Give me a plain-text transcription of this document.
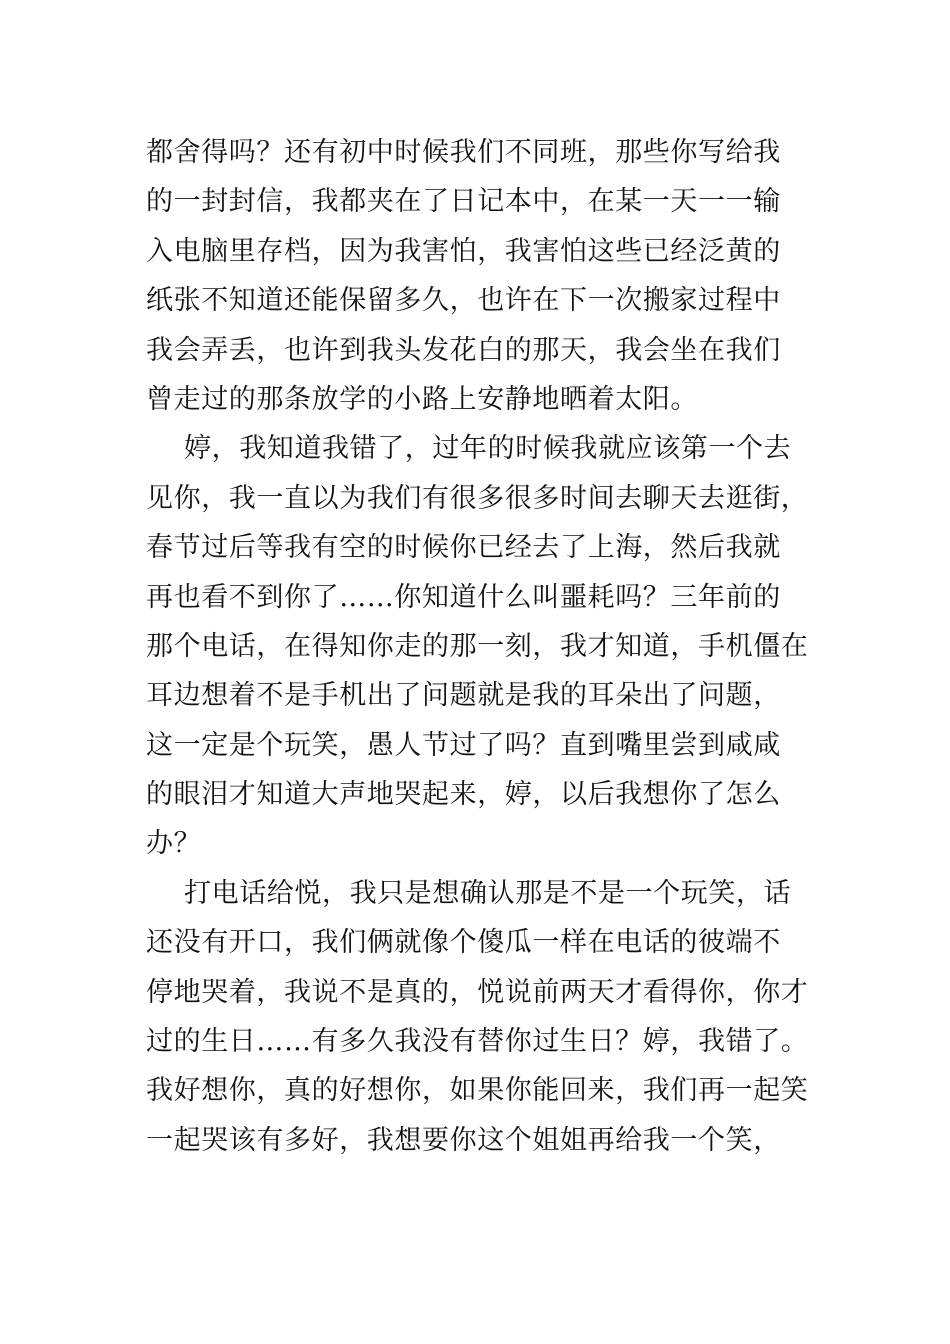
都舍得吗？还有初中时候我们不同班，那些你写给我
的一封封信，我都夹在了日记本中，在某一天一一输
入电脑里存档，因为我害怕，我害怕这些已经泛黄的
纸张不知道还能保留多久，也许在下一次搬家过程中
我会弄丢，也许到我头发花白的那天，我会坐在我们
曾走过的那条放学的小路上安静地晒着太阳。
婷，我知道我错了，过年的时候我就应该第一个去
见你，我一直以为我们有很多很多时间去聊天去逛街，
春节过后等我有空的时候你已经去了上海，然后我就
再也看不到你了……你知道什么叫噩耗吗？三年前的
那个电话，在得知你走的那一刻，我才知道，手机僵在
耳边想着不是手机出了问题就是我的耳朵出了问题，
这一定是个玩笑，愚人节过了吗？直到嘴里尝到咸咸
的眼泪才知道大声地哭起来，婷，以后我想你了怎么
办？
打电话给悦，我只是想确认那是不是一个玩笑，话
还没有开口，我们俩就像个傻瓜一样在电话的彼端不
停地哭着，我说不是真的，悦说前两天才看得你，你才
过的生日……有多久我没有替你过生日？婷，我错了。
我好想你，真的好想你，如果你能回来，我们再一起笑
一起哭该有多好，我想要你这个姐姐再给我一个笑，
